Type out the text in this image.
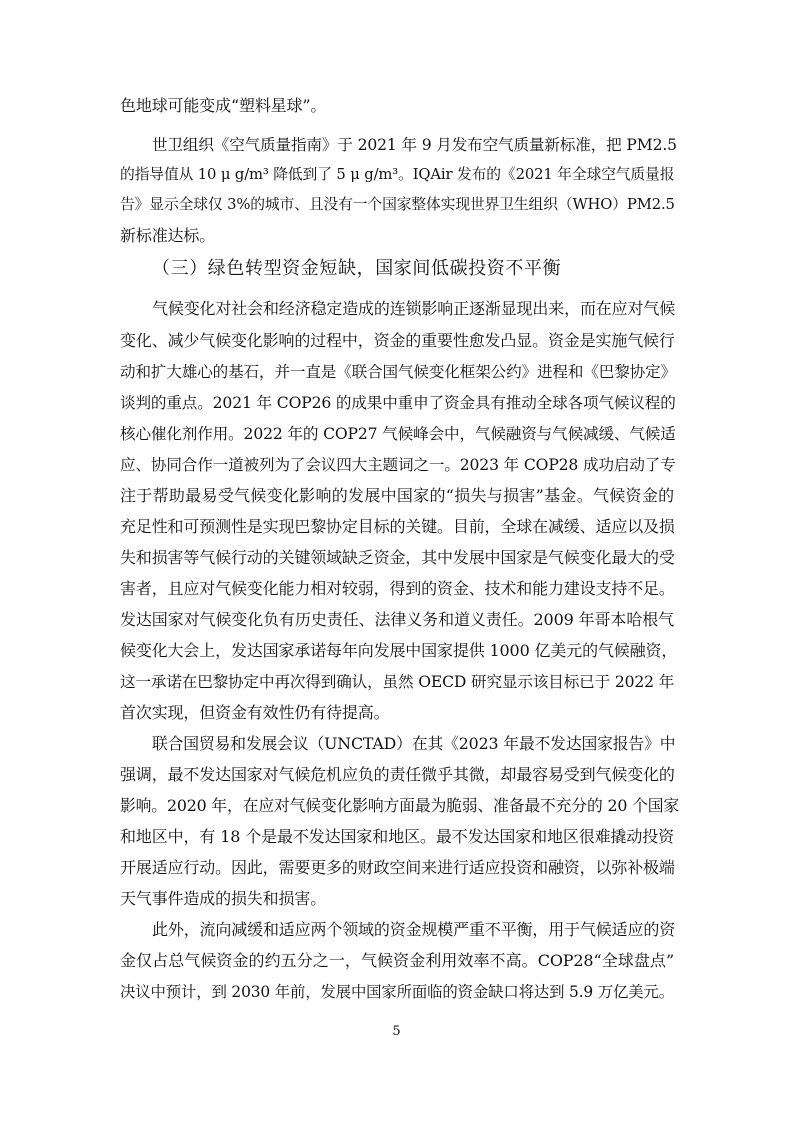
色地球可能变成“塑料星球”。
世卫组织《空气质量指南》于 2021 年 9 月发布空气质量新标准，把 PM2.5
的指导值从 10 μ g/m³ 降低到了 5 μ g/m³。IQAir 发布的《2021 年全球空气质量报
告》显示全球仅 3%的城市、且没有一个国家整体实现世界卫生组织（WHO）PM2.5
新标准达标。
（三）绿色转型资金短缺，国家间低碳投资不平衡
气候变化对社会和经济稳定造成的连锁影响正逐渐显现出来，而在应对气候
变化、减少气候变化影响的过程中，资金的重要性愈发凸显。资金是实施气候行
动和扩大雄心的基石，并一直是《联合国气候变化框架公约》进程和《巴黎协定》
谈判的重点。2021 年 COP26 的成果中重申了资金具有推动全球各项气候议程的
核心催化剂作用。2022 年的 COP27 气候峰会中，气候融资与气候减缓、气候适
应、协同合作一道被列为了会议四大主题词之一。2023 年 COP28 成功启动了专
注于帮助最易受气候变化影响的发展中国家的“损失与损害”基金。气候资金的
充足性和可预测性是实现巴黎协定目标的关键。目前，全球在减缓、适应以及损
失和损害等气候行动的关键领域缺乏资金，其中发展中国家是气候变化最大的受
害者，且应对气候变化能力相对较弱，得到的资金、技术和能力建设支持不足。
发达国家对气候变化负有历史责任、法律义务和道义责任。2009 年哥本哈根气
候变化大会上，发达国家承诺每年向发展中国家提供 1000 亿美元的气候融资，
这一承诺在巴黎协定中再次得到确认，虽然 OECD 研究显示该目标已于 2022 年
首次实现，但资金有效性仍有待提高。
联合国贸易和发展会议（UNCTAD）在其《2023 年最不发达国家报告》中
强调，最不发达国家对气候危机应负的责任微乎其微，却最容易受到气候变化的
影响。2020 年，在应对气候变化影响方面最为脆弱、准备最不充分的 20 个国家
和地区中，有 18 个是最不发达国家和地区。最不发达国家和地区很难撬动投资
开展适应行动。因此，需要更多的财政空间来进行适应投资和融资，以弥补极端
天气事件造成的损失和损害。
此外，流向减缓和适应两个领域的资金规模严重不平衡，用于气候适应的资
金仅占总气候资金的约五分之一，气候资金利用效率不高。COP28“全球盘点”
决议中预计，到 2030 年前，发展中国家所面临的资金缺口将达到 5.9 万亿美元。
5
